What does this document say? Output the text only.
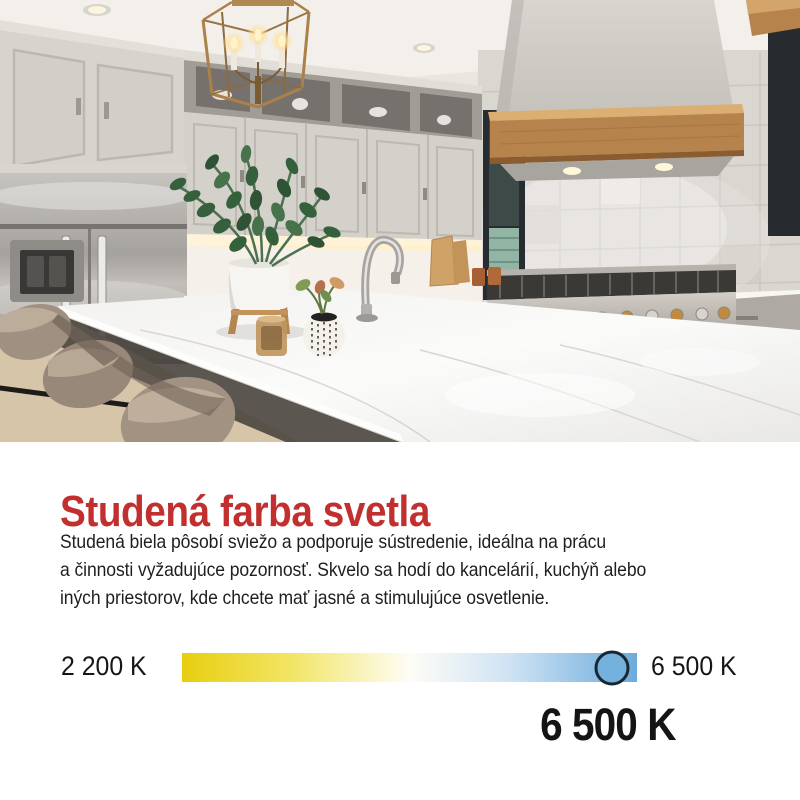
Studená farba svetla
Studená biela pôsobí sviežo a podporuje sústredenie, ideálna na prácu
a činnosti vyžadujúce pozornosť. Skvelo sa hodí do kancelárií, kuchýň alebo
iných priestorov, kde chcete mať jasné a stimulujúce osvetlenie.
2 200 K	6 500 K
6 500 K
